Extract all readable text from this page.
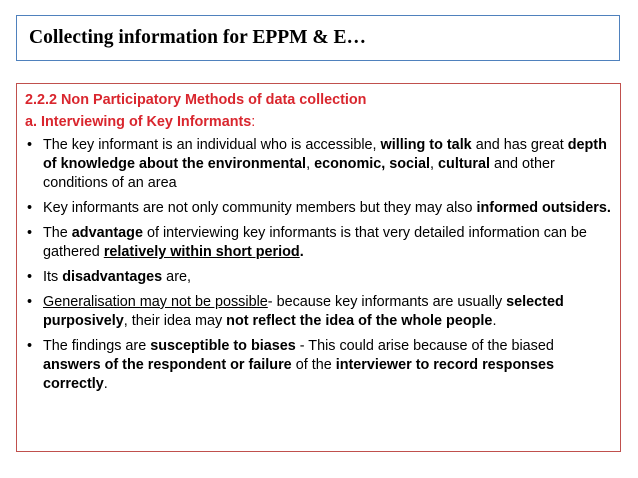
Collecting information for EPPM & E…
2.2.2 Non Participatory Methods of data collection
a. Interviewing of Key Informants:
• The key informant is an individual who is accessible, willing to talk and has great depth of knowledge about the environmental, economic, social, cultural and other conditions of an area
• Key informants are not only community members but they may also informed outsiders.
• The advantage of interviewing key informants is that very detailed information can be gathered relatively within short period.
• Its disadvantages are,
• Generalisation may not be possible- because key informants are usually selected purposively, their idea may not reflect the idea of the whole people.
• The findings are susceptible to biases - This could arise because of the biased answers of the respondent or failure of the interviewer to record responses correctly.
